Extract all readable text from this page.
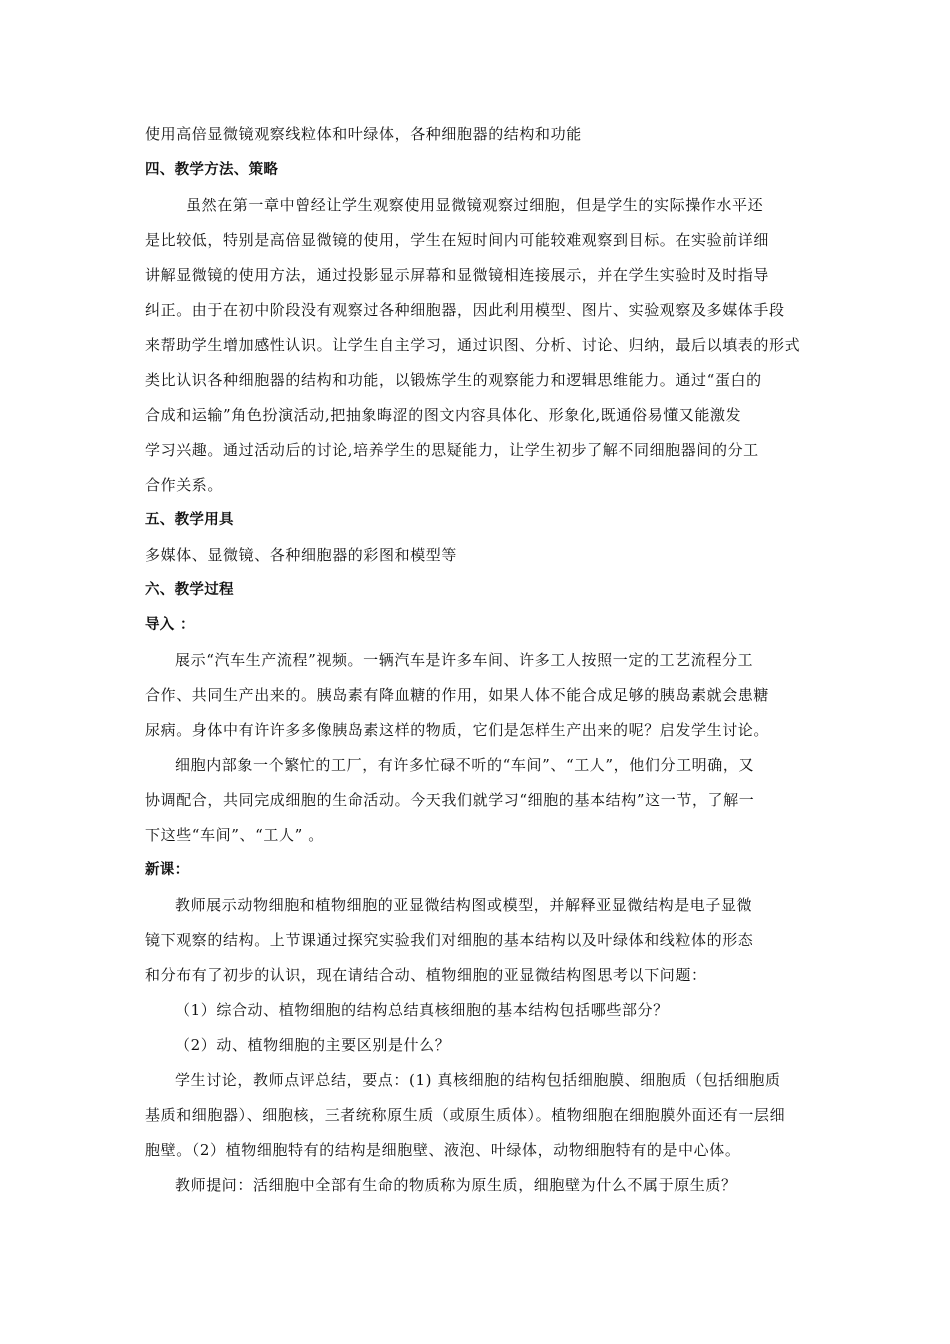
使用高倍显微镜观察线粒体和叶绿体，各种细胞器的结构和功能
四、教学方法、策略
虽然在第一章中曾经让学生观察使用显微镜观察过细胞，但是学生的实际操作水平还
是比较低，特别是高倍显微镜的使用，学生在短时间内可能较难观察到目标。在实验前详细
讲解显微镜的使用方法，通过投影显示屏幕和显微镜相连接展示，并在学生实验时及时指导
纠正。由于在初中阶段没有观察过各种细胞器，因此利用模型、图片、实验观察及多媒体手段
来帮助学生增加感性认识。让学生自主学习，通过识图、分析、讨论、归纳，最后以填表的形式
类比认识各种细胞器的结构和功能，以锻炼学生的观察能力和逻辑思维能力。通过“蛋白的
合成和运输”角色扮演活动,把抽象晦涩的图文内容具体化、形象化,既通俗易懂又能激发
学习兴趣。通过活动后的讨论,培养学生的思疑能力，让学生初步了解不同细胞器间的分工
合作关系。
五、教学用具
多媒体、显微镜、各种细胞器的彩图和模型等
六、教学过程
导入 ：
展示“汽车生产流程”视频。一辆汽车是许多车间、许多工人按照一定的工艺流程分工
合作、共同生产出来的。胰岛素有降血糖的作用，如果人体不能合成足够的胰岛素就会患糖
尿病。身体中有许许多多像胰岛素这样的物质，它们是怎样生产出来的呢？启发学生讨论。
细胞内部象一个繁忙的工厂，有许多忙碌不听的“车间”、“工人”，他们分工明确，又
协调配合，共同完成细胞的生命活动。今天我们就学习“细胞的基本结构”这一节，了解一
下这些“车间”、“工人” 。
新课：
教师展示动物细胞和植物细胞的亚显微结构图或模型，并解释亚显微结构是电子显微
镜下观察的结构。上节课通过探究实验我们对细胞的基本结构以及叶绿体和线粒体的形态
和分布有了初步的认识，现在请结合动、植物细胞的亚显微结构图思考以下问题：
（1）综合动、植物细胞的结构总结真核细胞的基本结构包括哪些部分？
（2）动、植物细胞的主要区别是什么？
学生讨论，教师点评总结，要点：(1) 真核细胞的结构包括细胞膜、细胞质（包括细胞质
基质和细胞器）、细胞核，三者统称原生质（或原生质体）。植物细胞在细胞膜外面还有一层细
胞壁。（2）植物细胞特有的结构是细胞壁、液泡、叶绿体，动物细胞特有的是中心体。
教师提问：活细胞中全部有生命的物质称为原生质，细胞壁为什么不属于原生质？
